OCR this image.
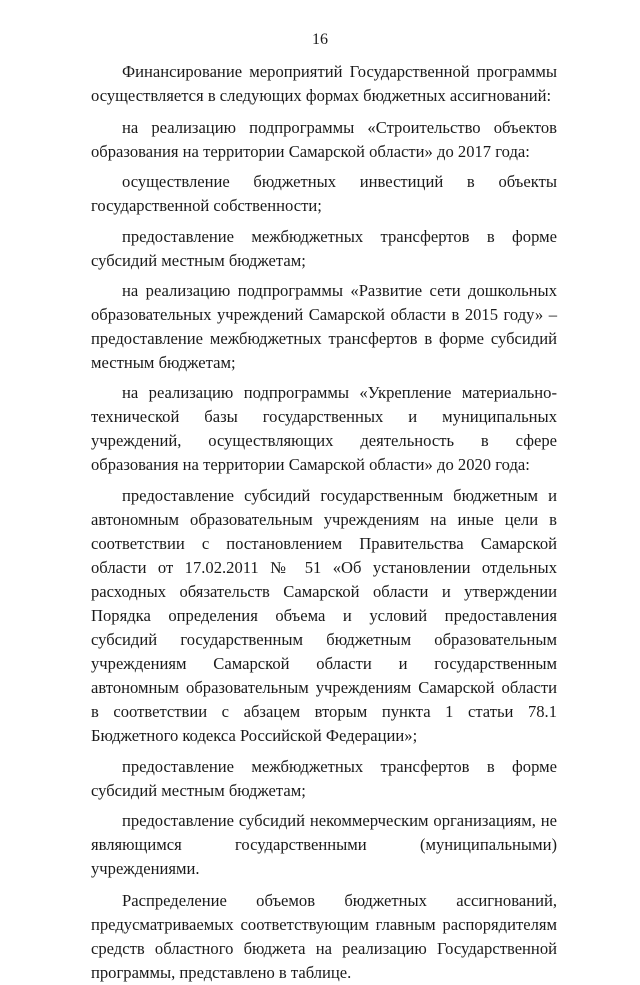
16

Финансирование мероприятий Государственной программы осуществляется в следующих формах бюджетных ассигнований:

на реализацию подпрограммы «Строительство объектов образования на территории Самарской области» до 2017 года:

осуществление бюджетных инвестиций в объекты государственной собственности;

предоставление межбюджетных трансфертов в форме субсидий местным бюджетам;

на реализацию подпрограммы «Развитие сети дошкольных образовательных учреждений Самарской области в 2015 году» – предоставление межбюджетных трансфертов в форме субсидий местным бюджетам;

на реализацию подпрограммы «Укрепление материально-технической базы государственных и муниципальных учреждений, осуществляющих деятельность в сфере образования на территории Самарской области» до 2020 года:

предоставление субсидий государственным бюджетным и автономным образовательным учреждениям на иные цели в соответствии с постановлением Правительства Самарской области от 17.02.2011 № 51 «Об установлении отдельных расходных обязательств Самарской области и утверждении Порядка определения объема и условий предоставления субсидий государственным бюджетным образовательным учреждениям Самарской области и государственным автономным образовательным учреждениям Самарской области в соответствии с абзацем вторым пункта 1 статьи 78.1 Бюджетного кодекса Российской Федерации»;

предоставление межбюджетных трансфертов в форме субсидий местным бюджетам;

предоставление субсидий некоммерческим организациям, не являющимся государственными (муниципальными) учреждениями.

Распределение объемов бюджетных ассигнований, предусматриваемых соответствующим главным распорядителям средств областного бюджета на реализацию Государственной программы, представлено в таблице.
